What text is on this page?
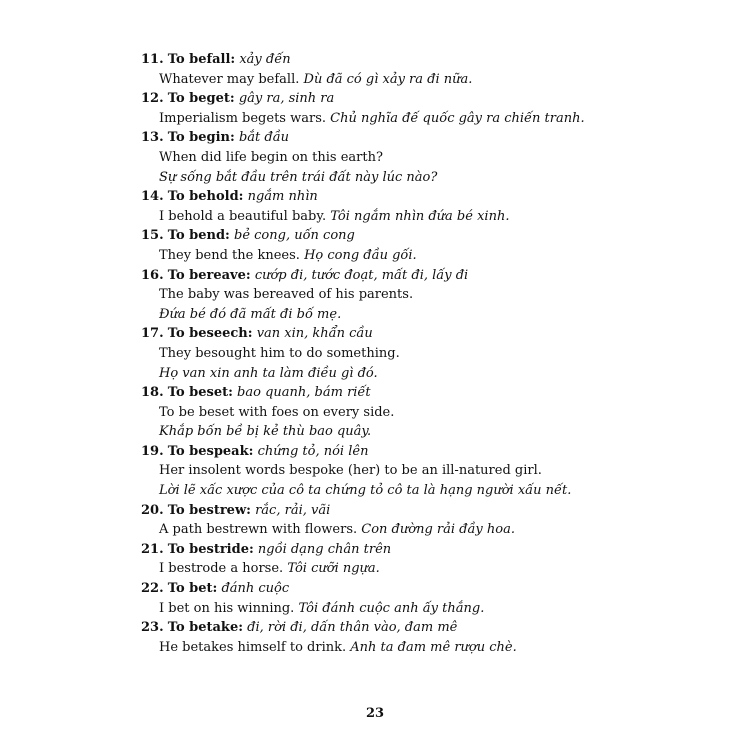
11. To befall: xảy đến
Whatever may befall. Dù đã có gì xảy ra đi nữa.
12. To beget: gây ra, sinh ra
Imperialism begets wars. Chủ nghĩa đế quốc gây ra chiến tranh.
13. To begin: bắt đầu
When did life begin on this earth?
Sự sống bắt đầu trên trái đất này lúc nào?
14. To behold: ngắm nhìn
I behold a beautiful baby. Tôi ngắm nhìn đứa bé xinh.
15. To bend: bẻ cong, uốn cong
They bend the knees. Họ cong đầu gối.
16. To bereave: cướp đi, tước đoạt, mất đi, lấy đi
The baby was bereaved of his parents.
Đứa bé đó đã mất đi bố mẹ.
17. To beseech: van xin, khẩn cầu
They besought him to do something.
Họ van xin anh ta làm điều gì đó.
18. To beset: bao quanh, bám riết
To be beset with foes on every side.
Khắp bốn bề bị kẻ thù bao quây.
19. To bespeak: chứng tỏ, nói lên
Her insolent words bespoke (her) to be an ill-natured girl.
Lời lẽ xấc xược của cô ta chứng tỏ cô ta là hạng người xấu nết.
20. To bestrew: rắc, rải, vãi
A path bestrewn with flowers. Con đường rải đầy hoa.
21. To bestride: ngồi dạng chân trên
I bestrode a horse. Tôi cưỡi ngựa.
22. To bet: đánh cuộc
I bet on his winning. Tôi đánh cuộc anh ấy thắng.
23. To betake: đi, rời đi, dấn thân vào, đam mê
He betakes himself to drink. Anh ta đam mê rượu chè.
23
